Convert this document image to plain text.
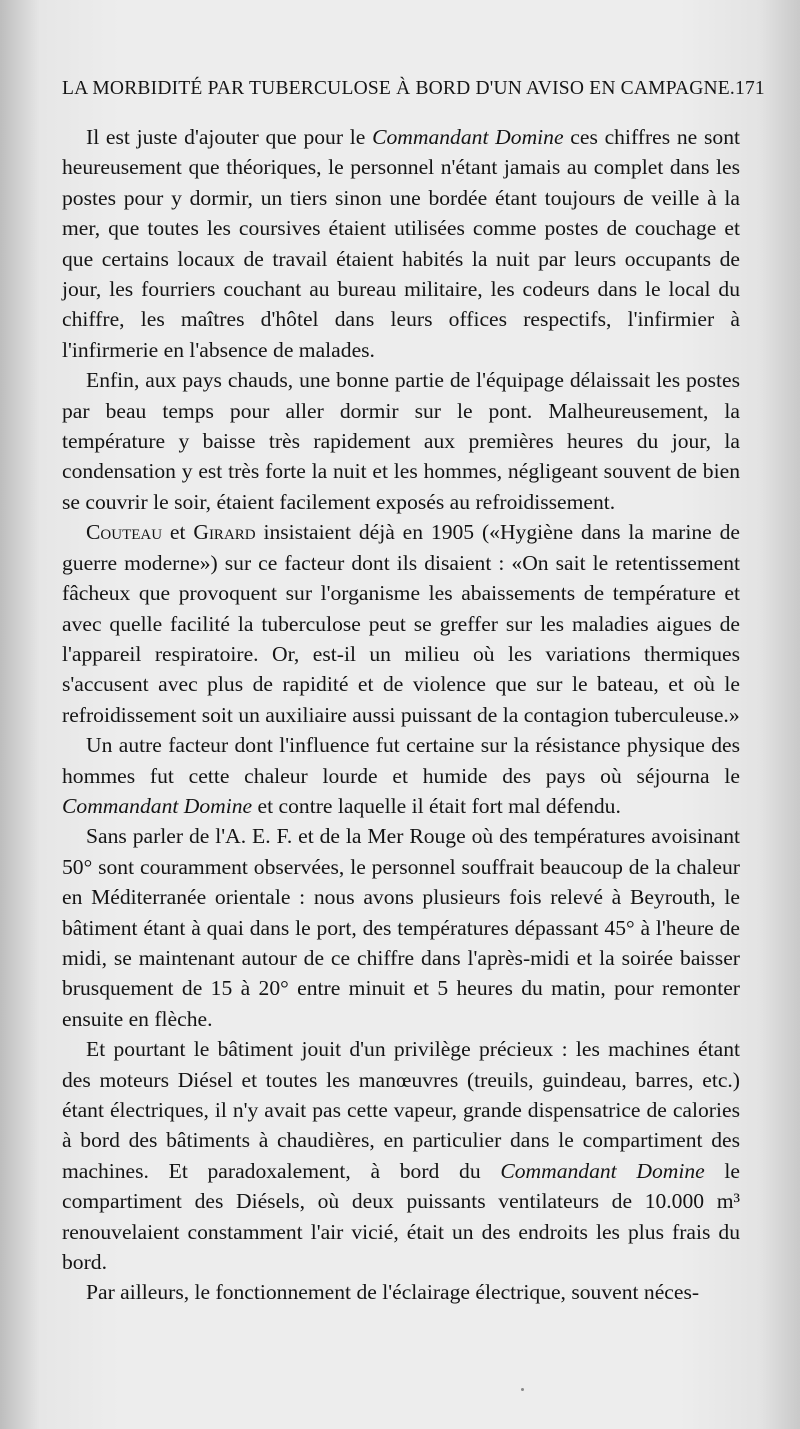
LA MORBIDITÉ PAR TUBERCULOSE À BORD D'UN AVISO EN CAMPAGNE. 171

Il est juste d'ajouter que pour le Commandant Domine ces chiffres ne sont heureusement que théoriques, le personnel n'étant jamais au complet dans les postes pour y dormir, un tiers sinon une bordée étant toujours de veille à la mer, que toutes les coursives étaient utilisées comme postes de couchage et que certains locaux de travail étaient habités la nuit par leurs occupants de jour, les fourriers couchant au bureau militaire, les codeurs dans le local du chiffre, les maîtres d'hôtel dans leurs offices respectifs, l'infirmier à l'infirmerie en l'absence de malades.

Enfin, aux pays chauds, une bonne partie de l'équipage délaissait les postes par beau temps pour aller dormir sur le pont. Malheureusement, la température y baisse très rapidement aux premières heures du jour, la condensation y est très forte la nuit et les hommes, négligeant souvent de bien se couvrir le soir, étaient facilement exposés au refroidissement.

Couteau et Girard insistaient déjà en 1905 («Hygiène dans la marine de guerre moderne») sur ce facteur dont ils disaient : «On sait le retentissement fâcheux que provoquent sur l'organisme les abaissements de température et avec quelle facilité la tuberculose peut se greffer sur les maladies aigues de l'appareil respiratoire. Or, est-il un milieu où les variations thermiques s'accusent avec plus de rapidité et de violence que sur le bateau, et où le refroidissement soit un auxiliaire aussi puissant de la contagion tuberculeuse.»

Un autre facteur dont l'influence fut certaine sur la résistance physique des hommes fut cette chaleur lourde et humide des pays où séjourna le Commandant Domine et contre laquelle il était fort mal défendu.

Sans parler de l'A. E. F. et de la Mer Rouge où des températures avoisinant 50° sont couramment observées, le personnel souffrait beaucoup de la chaleur en Méditerranée orientale : nous avons plusieurs fois relevé à Beyrouth, le bâtiment étant à quai dans le port, des températures dépassant 45° à l'heure de midi, se maintenant autour de ce chiffre dans l'après-midi et la soirée baisser brusquement de 15 à 20° entre minuit et 5 heures du matin, pour remonter ensuite en flèche.

Et pourtant le bâtiment jouit d'un privilège précieux : les machines étant des moteurs Diésel et toutes les manœuvres (treuils, guindeau, barres, etc.) étant électriques, il n'y avait pas cette vapeur, grande dispensatrice de calories à bord des bâtiments à chaudières, en particulier dans le compartiment des machines. Et paradoxalement, à bord du Commandant Domine le compartiment des Diésels, où deux puissants ventilateurs de 10.000 m³ renouvelaient constamment l'air vicié, était un des endroits les plus frais du bord.

Par ailleurs, le fonctionnement de l'éclairage électrique, souvent néces-
